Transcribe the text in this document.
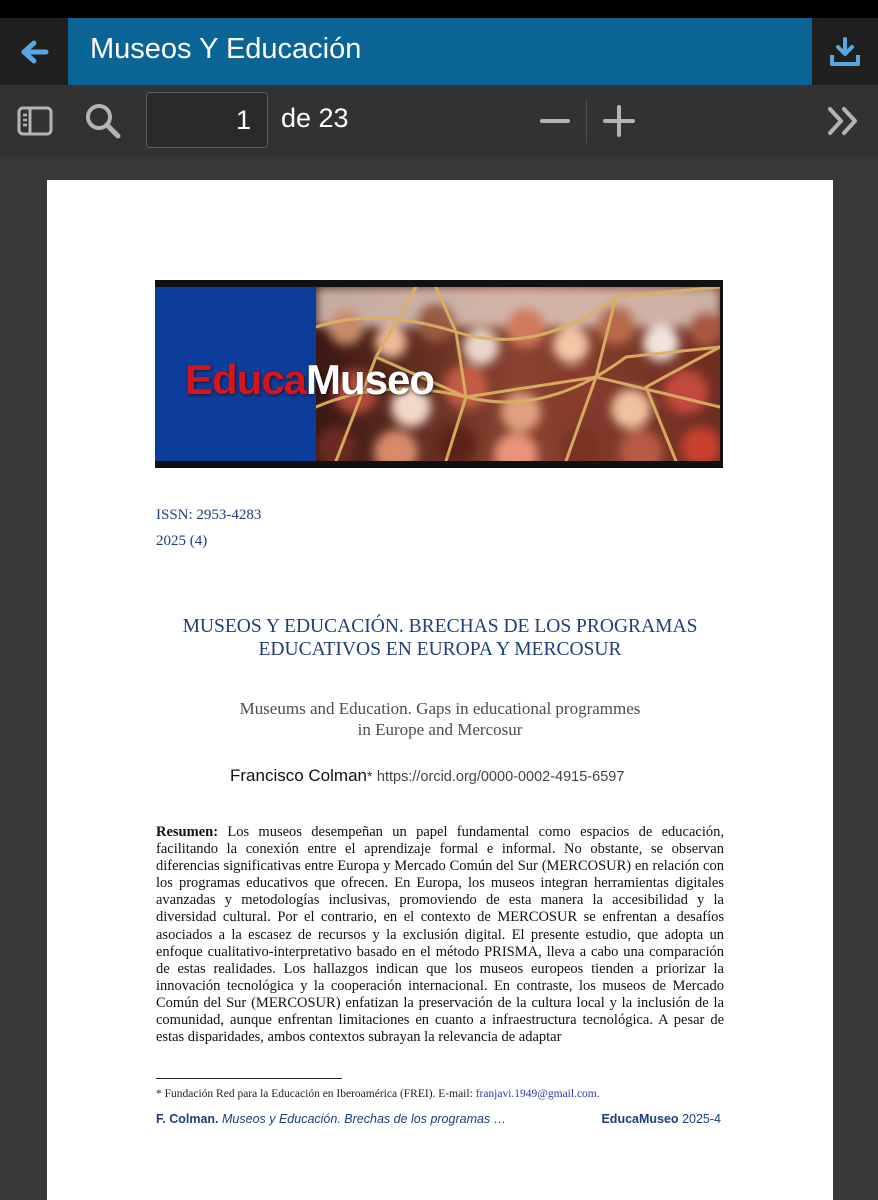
Museos Y Educación
1
de 23
EducaMuseo
ISSN: 2953-4283
2025 (4)
MUSEOS Y EDUCACIÓN. BRECHAS DE LOS PROGRAMAS
EDUCATIVOS EN EUROPA Y MERCOSUR
Museums and Education. Gaps in educational programmes
in Europe and Mercosur
Francisco Colman* https://orcid.org/0000-0002-4915-6597
Resumen: Los museos desempeñan un papel fundamental como espacios de educación, facilitando la conexión entre el aprendizaje formal e informal. No obstante, se observan diferencias significativas entre Europa y Mercado Común del Sur (MERCOSUR) en relación con los programas educativos que ofrecen. En Europa, los museos integran herramientas digitales avanzadas y metodologías inclusivas, promoviendo de esta manera la accesibilidad y la diversidad cultural. Por el contrario, en el contexto de MERCOSUR se enfrentan a desafíos asociados a la escasez de recursos y la exclusión digital. El presente estudio, que adopta un enfoque cualitativo-interpretativo basado en el método PRISMA, lleva a cabo una comparación de estas realidades. Los hallazgos indican que los museos europeos tienden a priorizar la innovación tecnológica y la cooperación internacional. En contraste, los museos de Mercado Común del Sur (MERCOSUR) enfatizan la preservación de la cultura local y la inclusión de la comunidad, aunque enfrentan limitaciones en cuanto a infraestructura tecnológica. A pesar de estas disparidades, ambos contextos subrayan la relevancia de adaptar
* Fundación Red para la Educación en Iberoamérica (FREI). E-mail: franjavi.1949@gmail.com.
F. Colman. Museos y Educación. Brechas de los programas …	EducaMuseo 2025-4
